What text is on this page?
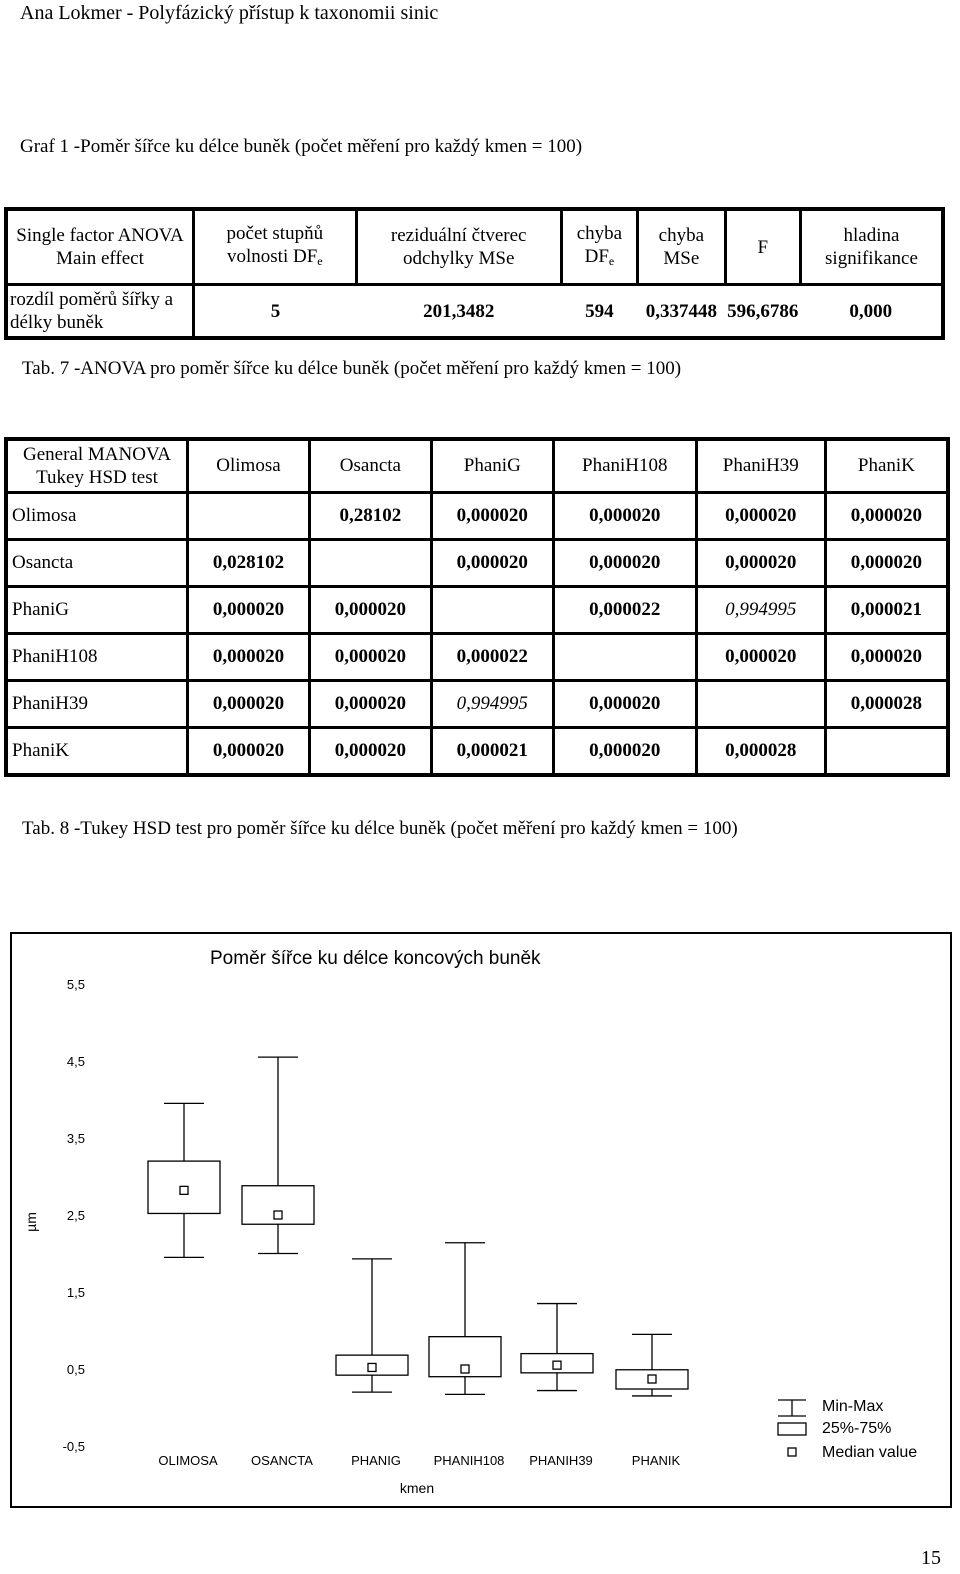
Ana Lokmer - Polyfázický přístup k taxonomii sinic
Graf 1 -Poměr šířce ku délce buněk (počet měření pro každý kmen = 100)
Single factor ANOVA Main effect	počet stupňů volnosti $DF_e$	reziduální čtverec odchylky MSe	chyba $DF_e$	chyba MSe	F	hladina signifikance
rozdíl poměrů šířky a délky buněk	5	201,3482	594	0,337448	596,6786	0,000
Tab. 7 -ANOVA pro poměr šířce ku délce buněk (počet měření pro každý kmen = 100)
General MANOVA Tukey HSD test	Olimosa	Osancta	PhaniG	PhaniH108	PhaniH39	PhaniK
Olimosa		0,28102	0,000020	0,000020	0,000020	0,000020
Osancta	0,028102		0,000020	0,000020	0,000020	0,000020
PhaniG	0,000020	0,000020		0,000022	0,994995	0,000021
PhaniH108	0,000020	0,000020	0,000022		0,000020	0,000020
PhaniH39	0,000020	0,000020	0,994995	0,000020		0,000028
PhaniK	0,000020	0,000020	0,000021	0,000020	0,000028	
Tab. 8 -Tukey HSD test pro poměr šířce ku délce buněk (počet měření pro každý kmen = 100)
Poměr šířce ku délce koncových buněk
kmen
µm
5,5
4,5
3,5
2,5
1,5
0,5
-0,5
OLIMOSA	OSANCTA	PHANIG	PHANIH108 PHANIH39	PHANIK
Min-Max
25%-75%
Median value
15
